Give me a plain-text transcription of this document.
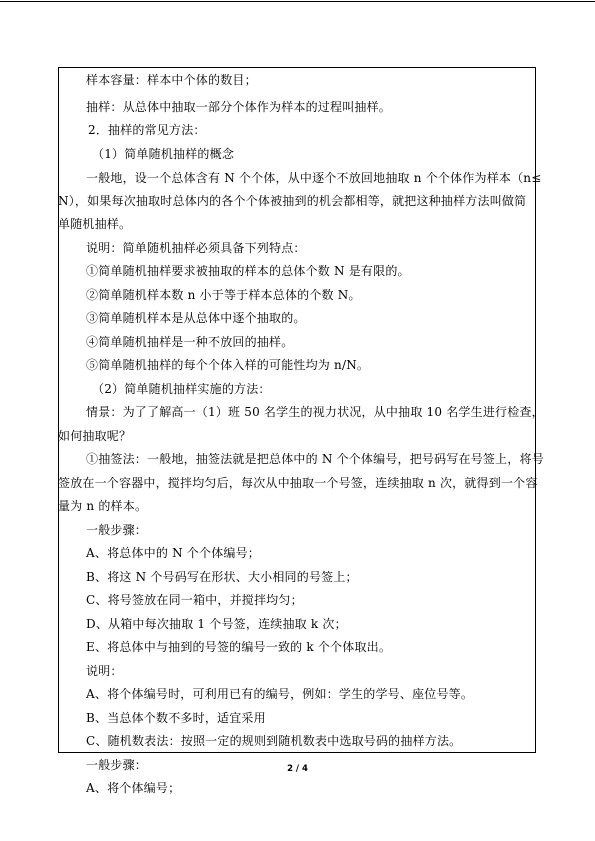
样本容量：样本中个体的数目；
抽样：从总体中抽取一部分个体作为样本的过程叫抽样。
2．抽样的常见方法：
（1）简单随机抽样的概念
一般地，设一个总体含有 N 个个体，从中逐个不放回地抽取 n 个个体作为样本（n≤
N），如果每次抽取时总体内的各个个体被抽到的机会都相等，就把这种抽样方法叫做简
单随机抽样。
说明：简单随机抽样必须具备下列特点：
①简单随机抽样要求被抽取的样本的总体个数 N 是有限的。
②简单随机样本数 n 小于等于样本总体的个数 N。
③简单随机样本是从总体中逐个抽取的。
④简单随机抽样是一种不放回的抽样。
⑤简单随机抽样的每个个体入样的可能性均为 n/N。
（2）简单随机抽样实施的方法：
情景：为了了解高一（1）班 50 名学生的视力状况，从中抽取 10 名学生进行检查，
如何抽取呢？
①抽签法：一般地，抽签法就是把总体中的 N 个个体编号，把号码写在号签上，将号
签放在一个容器中，搅拌均匀后，每次从中抽取一个号签，连续抽取 n 次，就得到一个容
量为 n 的样本。
一般步骤：
A、将总体中的 N 个个体编号；
B、将这 N 个号码写在形状、大小相同的号签上；
C、将号签放在同一箱中，并搅拌均匀；
D、从箱中每次抽取 1 个号签，连续抽取 k 次；
E、将总体中与抽到的号签的编号一致的 k 个个体取出。
说明：
A、将个体编号时，可利用已有的编号，例如：学生的学号、座位号等。
B、当总体个数不多时，适宜采用
C、随机数表法：按照一定的规则到随机数表中选取号码的抽样方法。
一般步骤：
A、将个体编号；
2 / 4
